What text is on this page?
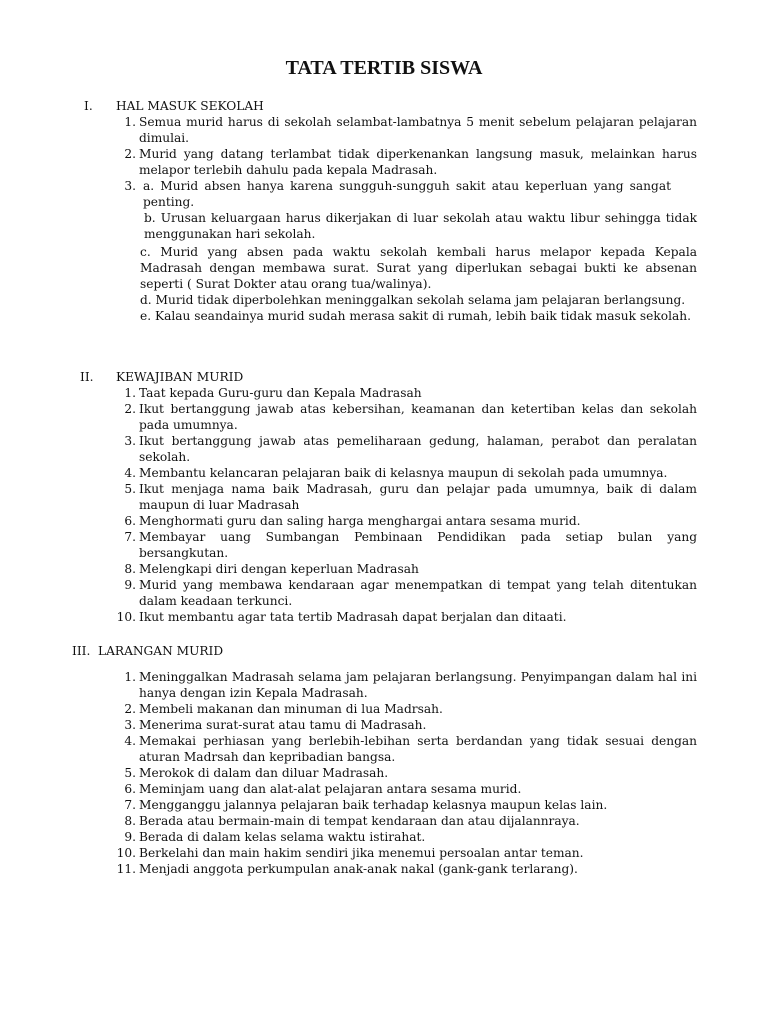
TATA TERTIB SISWA
I. HAL MASUK SEKOLAH
1. Semua murid harus di sekolah selambat-lambatnya 5 menit sebelum pelajaran pelajaran dimulai.
2. Murid yang datang terlambat tidak diperkenankan langsung masuk, melainkan harus melapor terlebih dahulu pada kepala Madrasah.
3. a. Murid absen hanya karena sungguh-sungguh sakit atau keperluan yang sangat penting.
b. Urusan keluargaan harus dikerjakan di luar sekolah atau waktu libur sehingga tidak menggunakan hari sekolah.
c. Murid yang absen pada waktu sekolah kembali harus melapor kepada Kepala Madrasah dengan membawa surat. Surat yang diperlukan sebagai bukti ke absenan seperti ( Surat Dokter atau orang tua/walinya).
d. Murid tidak diperbolehkan meninggalkan sekolah selama jam pelajaran berlangsung.
e. Kalau seandainya murid sudah merasa sakit di rumah, lebih baik tidak masuk sekolah.
II. KEWAJIBAN MURID
1. Taat kepada Guru-guru dan Kepala Madrasah
2. Ikut bertanggung jawab atas kebersihan, keamanan dan ketertiban kelas dan sekolah pada umumnya.
3. Ikut bertanggung jawab atas pemeliharaan gedung, halaman, perabot dan peralatan sekolah.
4. Membantu kelancaran pelajaran baik di kelasnya maupun di sekolah pada umumnya.
5. Ikut menjaga nama baik Madrasah, guru dan pelajar pada umumnya, baik di dalam maupun di luar Madrasah
6. Menghormati guru dan saling harga menghargai antara sesama murid.
7. Membayar uang Sumbangan Pembinaan Pendidikan pada setiap bulan yang bersangkutan.
8. Melengkapi diri dengan keperluan Madrasah
9. Murid yang membawa kendaraan agar menempatkan di tempat yang telah ditentukan dalam keadaan terkunci.
10. Ikut membantu agar tata tertib Madrasah dapat berjalan dan ditaati.
III. LARANGAN MURID
1. Meninggalkan Madrasah selama jam pelajaran berlangsung. Penyimpangan dalam hal ini hanya dengan izin Kepala Madrasah.
2. Membeli makanan dan minuman di lua Madrsah.
3. Menerima surat-surat atau tamu di Madrasah.
4. Memakai perhiasan yang berlebih-lebihan serta berdandan yang tidak sesuai dengan aturan Madrsah dan kepribadian bangsa.
5. Merokok di dalam dan diluar Madrasah.
6. Meminjam uang dan alat-alat pelajaran antara sesama murid.
7. Mengganggu jalannya pelajaran baik terhadap kelasnya maupun kelas lain.
8. Berada atau bermain-main di tempat kendaraan dan atau dijalannraya.
9. Berada di dalam kelas selama waktu istirahat.
10. Berkelahi dan main hakim sendiri jika menemui persoalan antar teman.
11. Menjadi anggota perkumpulan anak-anak nakal (gank-gank terlarang).
